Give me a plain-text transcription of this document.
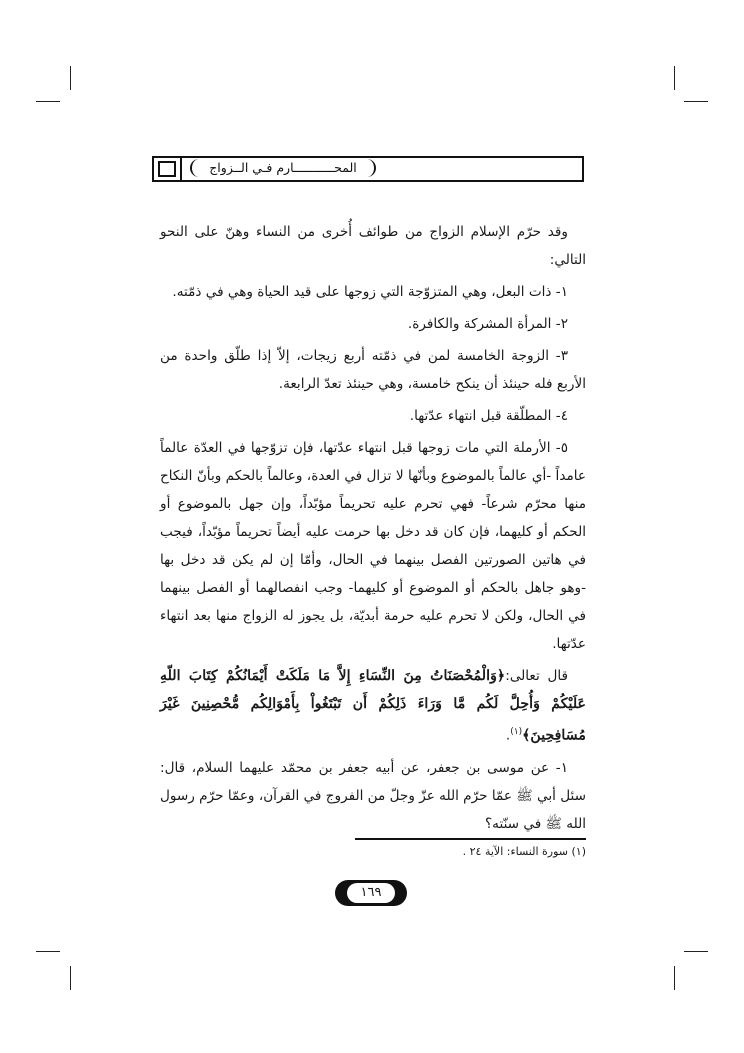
المحـــــــــــارم فـي الــزواج

وقد حرّم الإسلام الزواج من طوائف أُخرى من النساء وهنّ على النحو التالي:

١- ذات البعل، وهي المتزوّجة التي زوجها على قيد الحياة وهي في ذمّته.

٢- المرأة المشركة والكافرة.

٣- الزوجة الخامسة لمن في ذمّته أربع زيجات، إلاّ إذا طلّق واحدة من الأربع فله حينئذ أن ينكح خامسة، وهي حينئذ تعدّ الرابعة.

٤- المطلّقة قبل انتهاء عدّتها.

٥- الأرملة التي مات زوجها قبل انتهاء عدّتها، فإن تزوّجها في العدّة عالماً عامداً -أي عالماً بالموضوع وبأنّها لا تزال في العدة، وعالماً بالحكم وبأنّ النكاح منها محرّم شرعاً- فهي تحرم عليه تحريماً مؤبّداً، وإن جهل بالموضوع أو الحكم أو كليهما، فإن كان قد دخل بها حرمت عليه أيضاً تحريماً مؤبّداً، فيجب في هاتين الصورتين الفصل بينهما في الحال، وأمّا إن لم يكن قد دخل بها -وهو جاهل بالحكم أو الموضوع أو كليهما- وجب انفصالهما أو الفصل بينهما في الحال، ولكن لا تحرم عليه حرمة أبديّة، بل يجوز له الزواج منها بعد انتهاء عدّتها.

قال تعالى:﴿وَالْمُحْصَنَاتُ مِنَ النِّسَاءِ إِلاَّ مَا مَلَكَتْ أَيْمَانُكُمْ كِتَابَ اللّهِ عَلَيْكُمْ وَأُحِلَّ لَكُم مَّا وَرَاءَ ذَلِكُمْ أَن تَبْتَغُواْ بِأَمْوَالِكُم مُّحْصِنِينَ غَيْرَ مُسَافِحِينَ﴾$^{(١)}$.

١- عن موسى بن جعفر، عن أبيه جعفر بن محمّد عليهما السلام، قال: سئل أبي ﷺ عمّا حرّم الله عزّ وجلّ من الفروج في القرآن، وعمّا حرّم رسول الله ﷺ في سنّته؟

(١) سورة النساء: الآية ٢٤ .
١٦٩
